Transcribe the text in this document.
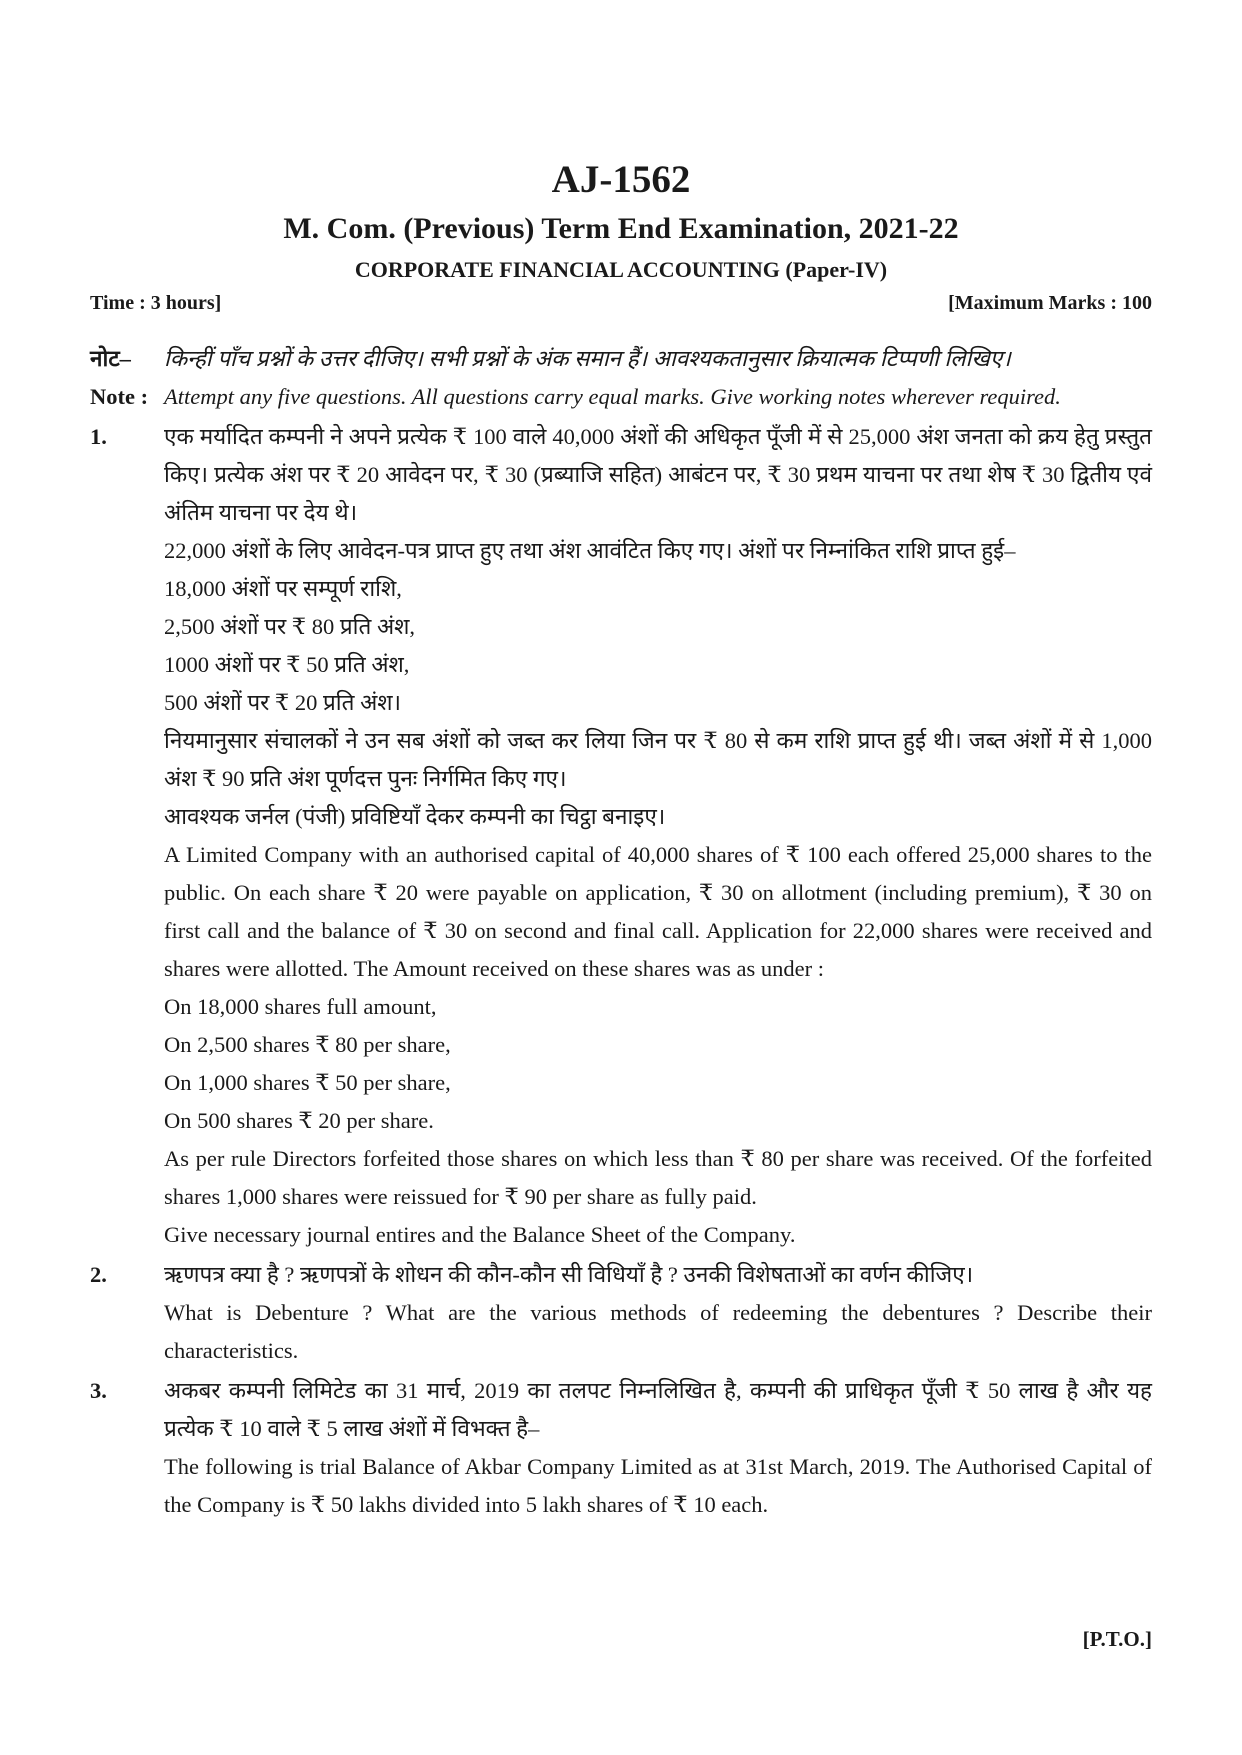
AJ-1562
M. Com. (Previous) Term End Examination, 2021-22
CORPORATE FINANCIAL ACCOUNTING (Paper-IV)
Time : 3 hours]	[Maximum Marks : 100
नोट–	किन्हीं पाँच प्रश्नों के उत्तर दीजिए। सभी प्रश्नों के अंक समान हैं। आवश्यकतानुसार क्रियात्मक टिप्पणी लिखिए।
Note : Attempt any five questions. All questions carry equal marks. Give working notes wherever required.
1.	एक मर्यादित कम्पनी ने अपने प्रत्येक ₹ 100 वाले 40,000 अंशों की अधिकृत पूँजी में से 25,000 अंश जनता को क्रय हेतु प्रस्तुत किए। प्रत्येक अंश पर ₹ 20 आवेदन पर, ₹ 30 (प्रब्याजि सहित) आबंटन पर, ₹ 30 प्रथम याचना पर तथा शेष ₹ 30 द्वितीय एवं अंतिम याचना पर देय थे।

22,000 अंशों के लिए आवेदन-पत्र प्राप्त हुए तथा अंश आवंटित किए गए। अंशों पर निम्नांकित राशि प्राप्त हुई–

18,000 अंशों पर सम्पूर्ण राशि,

2,500 अंशों पर ₹ 80 प्रति अंश,

1000 अंशों पर ₹ 50 प्रति अंश,

500 अंशों पर ₹ 20 प्रति अंश।

नियमानुसार संचालकों ने उन सब अंशों को जब्त कर लिया जिन पर ₹ 80 से कम राशि प्राप्त हुई थी। जब्त अंशों में से 1,000 अंश ₹ 90 प्रति अंश पूर्णदत्त पुनः निर्गमित किए गए।

आवश्यक जर्नल (पंजी) प्रविष्टियाँ देकर कम्पनी का चिट्ठा बनाइए।

A Limited Company with an authorised capital of 40,000 shares of ₹ 100 each offered 25,000 shares to the public. On each share ₹ 20 were payable on application, ₹ 30 on allotment (including premium), ₹ 30 on first call and the balance of ₹ 30 on second and final call. Application for 22,000 shares were received and shares were allotted. The Amount received on these shares was as under :

On 18,000 shares full amount,

On 2,500 shares ₹ 80 per share,

On 1,000 shares ₹ 50 per share,

On 500 shares ₹ 20 per share.

As per rule Directors forfeited those shares on which less than ₹ 80 per share was received. Of the forfeited shares 1,000 shares were reissued for ₹ 90 per share as fully paid.

Give necessary journal entires and the Balance Sheet of the Company.

2.	ऋणपत्र क्या है ? ऋणपत्रों के शोधन की कौन-कौन सी विधियाँ है ? उनकी विशेषताओं का वर्णन कीजिए।

What is Debenture ? What are the various methods of redeeming the debentures ? Describe their characteristics.

3.	अकबर कम्पनी लिमिटेड का 31 मार्च, 2019 का तलपट निम्नलिखित है, कम्पनी की प्राधिकृत पूँजी ₹ 50 लाख है और यह प्रत्येक ₹ 10 वाले ₹ 5 लाख अंशों में विभक्त है–

The following is trial Balance of Akbar Company Limited as at 31st March, 2019. The Authorised Capital of the Company is ₹ 50 lakhs divided into 5 lakh shares of ₹ 10 each.

[P.T.O.]
